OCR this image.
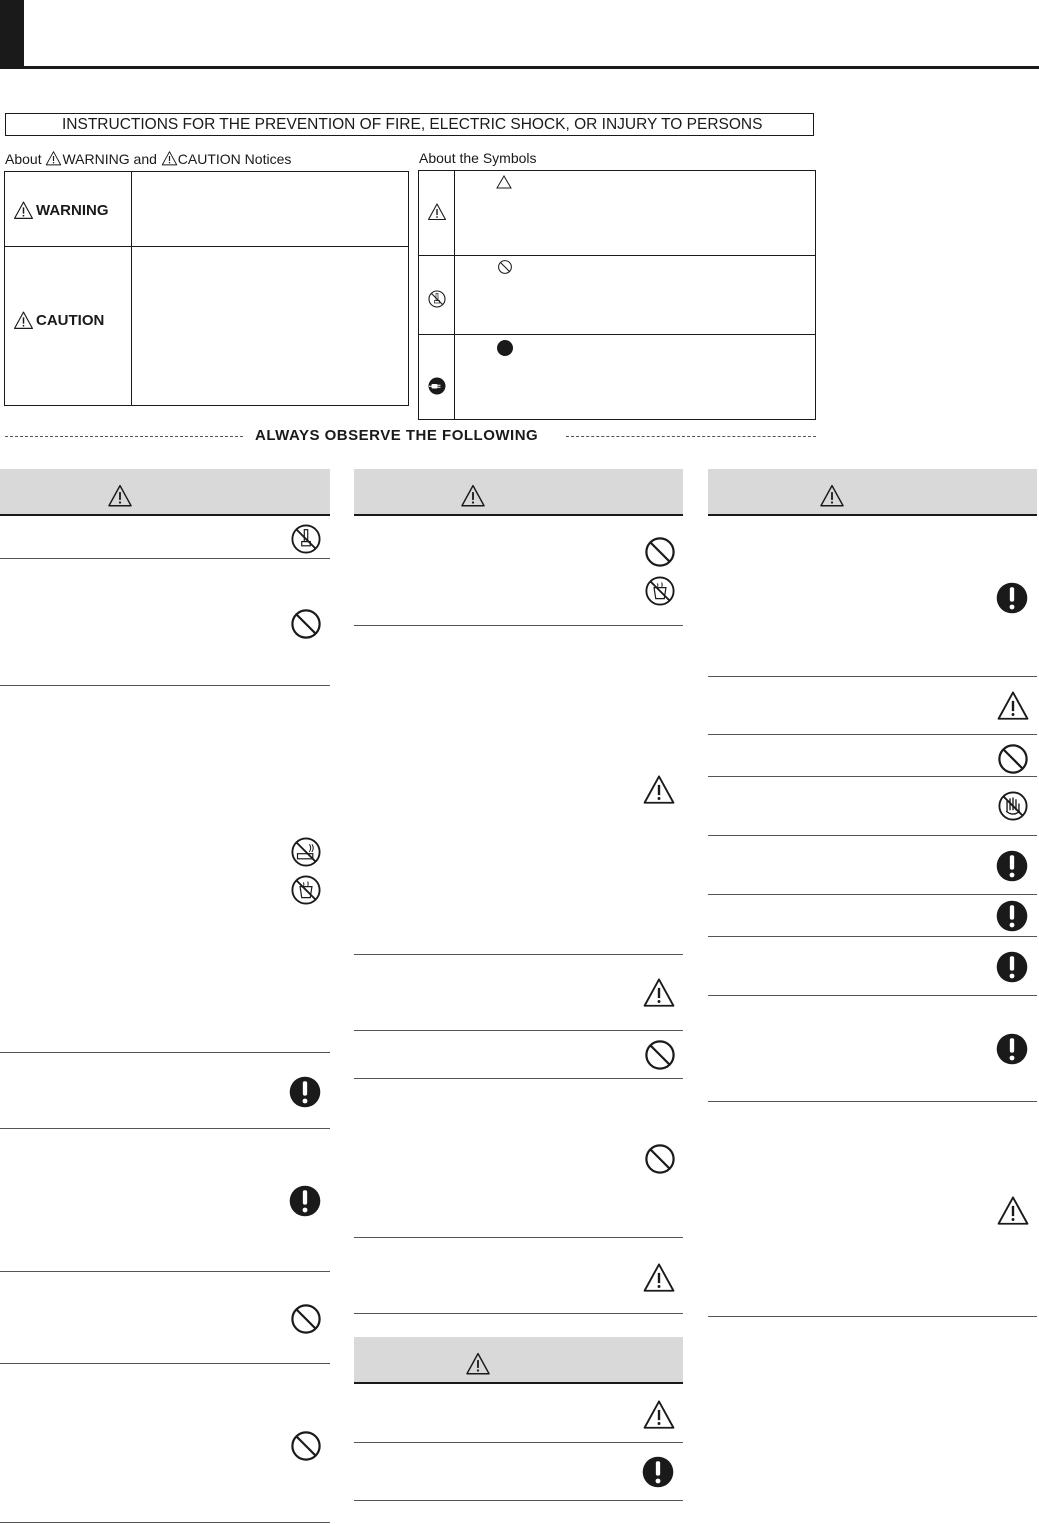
INSTRUCTIONS FOR THE PREVENTION OF FIRE, ELECTRIC SHOCK, OR INJURY TO PERSONS
About WARNING and CAUTION Notices	About the Symbols
WARNING
CAUTION
ALWAYS OBSERVE THE FOLLOWING
